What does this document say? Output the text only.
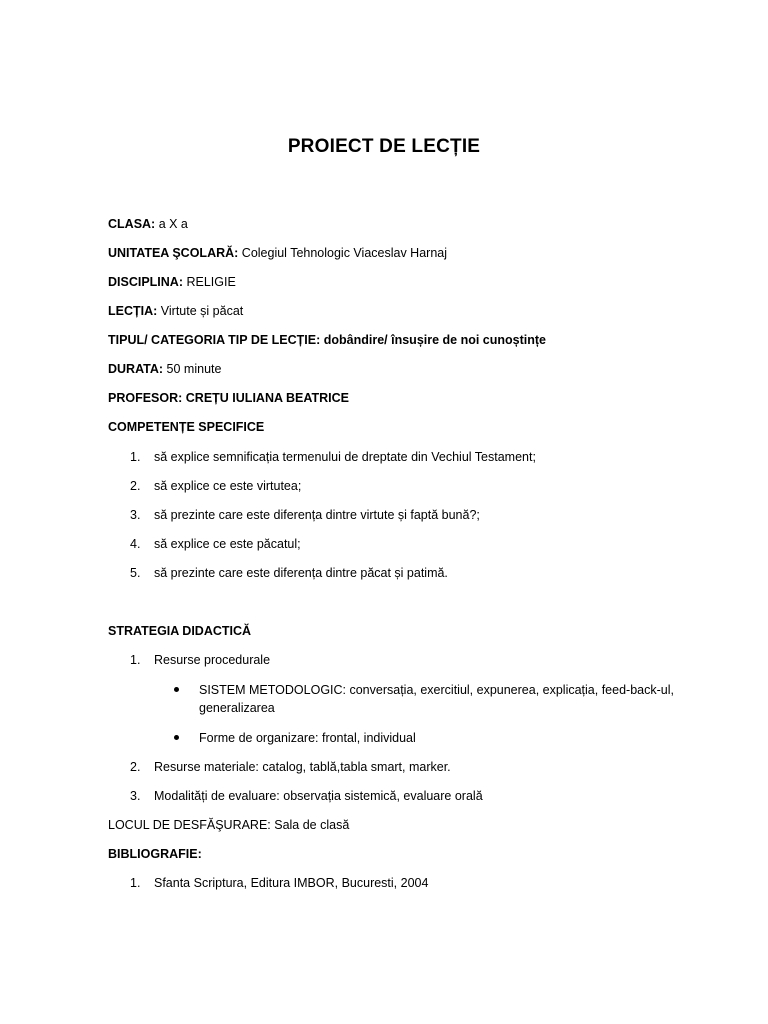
PROIECT DE LECȚIE
CLASA: a X a
UNITATEA ŞCOLARĂ: Colegiul Tehnologic Viaceslav Harnaj
DISCIPLINA: RELIGIE
LECȚIA: Virtute și păcat
TIPUL/ CATEGORIA TIP DE LECȚIE: dobândire/ însușire de noi cunoștințe
DURATA: 50 minute
PROFESOR: CREȚU IULIANA BEATRICE
COMPETENȚE SPECIFICE
1. să explice semnificația termenului de dreptate din Vechiul Testament;
2. să explice ce este virtutea;
3. să prezinte care este diferența dintre virtute și faptă bună?;
4. să explice ce este păcatul;
5. să prezinte care este diferența dintre păcat și patimă.
STRATEGIA DIDACTICĂ
1. Resurse procedurale
SISTEM METODOLOGIC: conversația, exercitiul, expunerea, explicația, feed-back-ul, generalizarea
Forme de organizare: frontal, individual
2. Resurse materiale: catalog, tablă,tabla smart, marker.
3. Modalități de evaluare: observația sistemică, evaluare orală
LOCUL DE DESFĂŞURARE: Sala de clasă
BIBLIOGRAFIE:
1. Sfanta Scriptura, Editura IMBOR, Bucuresti, 2004
